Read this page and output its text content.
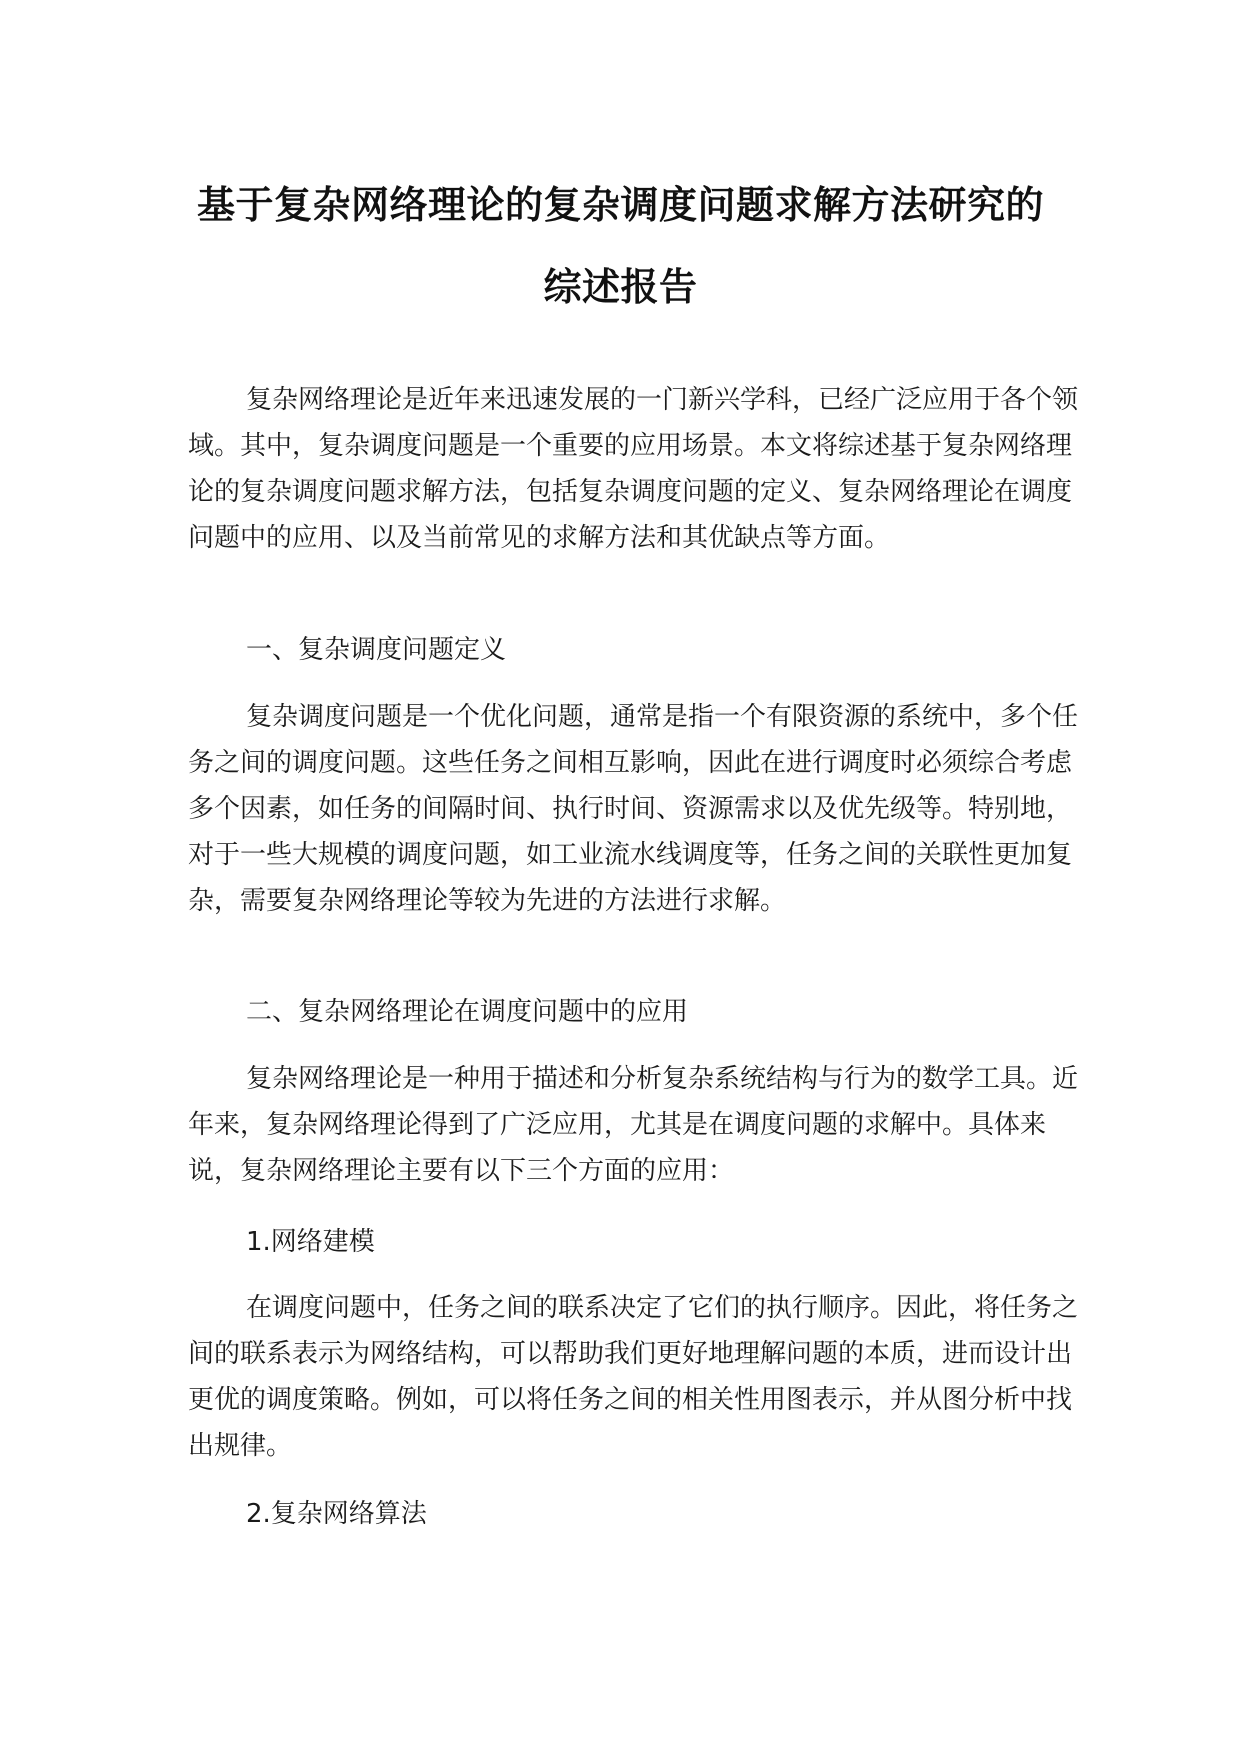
基于复杂网络理论的复杂调度问题求解方法研究的
综述报告

复杂网络理论是近年来迅速发展的一门新兴学科，已经广泛应用于各个领域。其中，复杂调度问题是一个重要的应用场景。本文将综述基于复杂网络理论的复杂调度问题求解方法，包括复杂调度问题的定义、复杂网络理论在调度问题中的应用、以及当前常见的求解方法和其优缺点等方面。

一、复杂调度问题定义

复杂调度问题是一个优化问题，通常是指一个有限资源的系统中，多个任务之间的调度问题。这些任务之间相互影响，因此在进行调度时必须综合考虑多个因素，如任务的间隔时间、执行时间、资源需求以及优先级等。特别地，对于一些大规模的调度问题，如工业流水线调度等，任务之间的关联性更加复杂，需要复杂网络理论等较为先进的方法进行求解。

二、复杂网络理论在调度问题中的应用

复杂网络理论是一种用于描述和分析复杂系统结构与行为的数学工具。近年来，复杂网络理论得到了广泛应用，尤其是在调度问题的求解中。具体来说，复杂网络理论主要有以下三个方面的应用：

1.网络建模

在调度问题中，任务之间的联系决定了它们的执行顺序。因此，将任务之间的联系表示为网络结构，可以帮助我们更好地理解问题的本质，进而设计出更优的调度策略。例如，可以将任务之间的相关性用图表示，并从图分析中找出规律。

2.复杂网络算法
